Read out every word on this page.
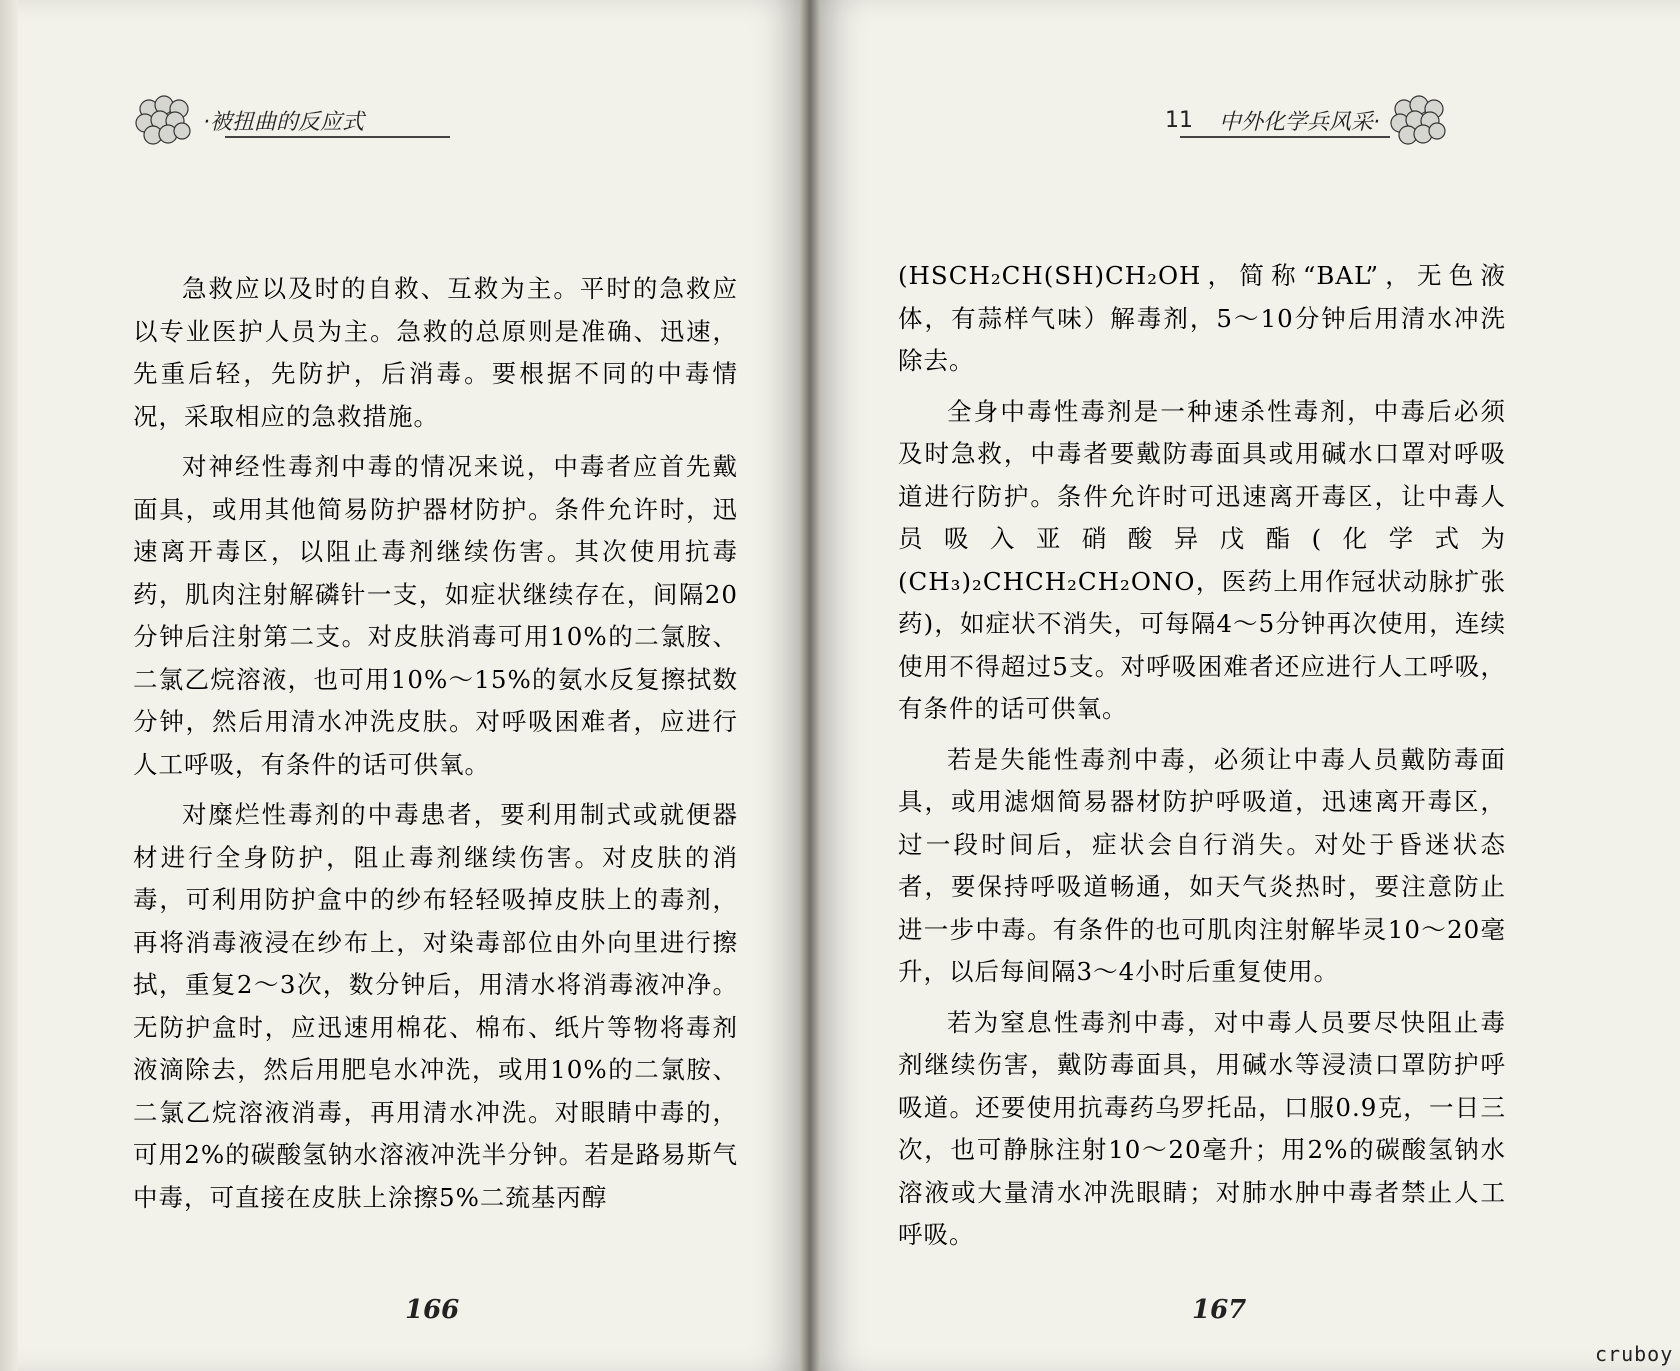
·被扭曲的反应式	11 中外化学兵风采·

急救应以及时的自救、互救为主。平时的急救应以专业医护人员为主。急救的总原则是准确、迅速，先重后轻，先防护，后消毒。要根据不同的中毒情况，采取相应的急救措施。

对神经性毒剂中毒的情况来说，中毒者应首先戴面具，或用其他简易防护器材防护。条件允许时，迅速离开毒区，以阻止毒剂继续伤害。其次使用抗毒药，肌肉注射解磷针一支，如症状继续存在，间隔20分钟后注射第二支。对皮肤消毒可用10%的二氯胺、二氯乙烷溶液，也可用10%～15%的氨水反复擦拭数分钟，然后用清水冲洗皮肤。对呼吸困难者，应进行人工呼吸，有条件的话可供氧。

对糜烂性毒剂的中毒患者，要利用制式或就便器材进行全身防护，阻止毒剂继续伤害。对皮肤的消毒，可利用防护盒中的纱布轻轻吸掉皮肤上的毒剂，再将消毒液浸在纱布上，对染毒部位由外向里进行擦拭，重复2～3次，数分钟后，用清水将消毒液冲净。无防护盒时，应迅速用棉花、棉布、纸片等物将毒剂液滴除去，然后用肥皂水冲洗，或用10%的二氯胺、二氯乙烷溶液消毒，再用清水冲洗。对眼睛中毒的，可用2%的碳酸氢钠水溶液冲洗半分钟。若是路易斯气中毒，可直接在皮肤上涂擦5%二巯基丙醇

(HSCH₂CH(SH)CH₂OH，简称“BAL”，无色液体，有蒜样气味）解毒剂，5～10分钟后用清水冲洗除去。

全身中毒性毒剂是一种速杀性毒剂，中毒后必须及时急救，中毒者要戴防毒面具或用碱水口罩对呼吸道进行防护。条件允许时可迅速离开毒区，让中毒人员吸入亚硝酸异戊酯(化学式为(CH₃)₂CHCH₂CH₂ONO，医药上用作冠状动脉扩张药)，如症状不消失，可每隔4～5分钟再次使用，连续使用不得超过5支。对呼吸困难者还应进行人工呼吸，有条件的话可供氧。

若是失能性毒剂中毒，必须让中毒人员戴防毒面具，或用滤烟简易器材防护呼吸道，迅速离开毒区，过一段时间后，症状会自行消失。对处于昏迷状态者，要保持呼吸道畅通，如天气炎热时，要注意防止进一步中毒。有条件的也可肌肉注射解毕灵10～20毫升，以后每间隔3～4小时后重复使用。

若为窒息性毒剂中毒，对中毒人员要尽快阻止毒剂继续伤害，戴防毒面具，用碱水等浸渍口罩防护呼吸道。还要使用抗毒药乌罗托品，口服0.9克，一日三次，也可静脉注射10～20毫升；用2%的碳酸氢钠水溶液或大量清水冲洗眼睛；对肺水肿中毒者禁止人工呼吸。

166	167
cruboy
